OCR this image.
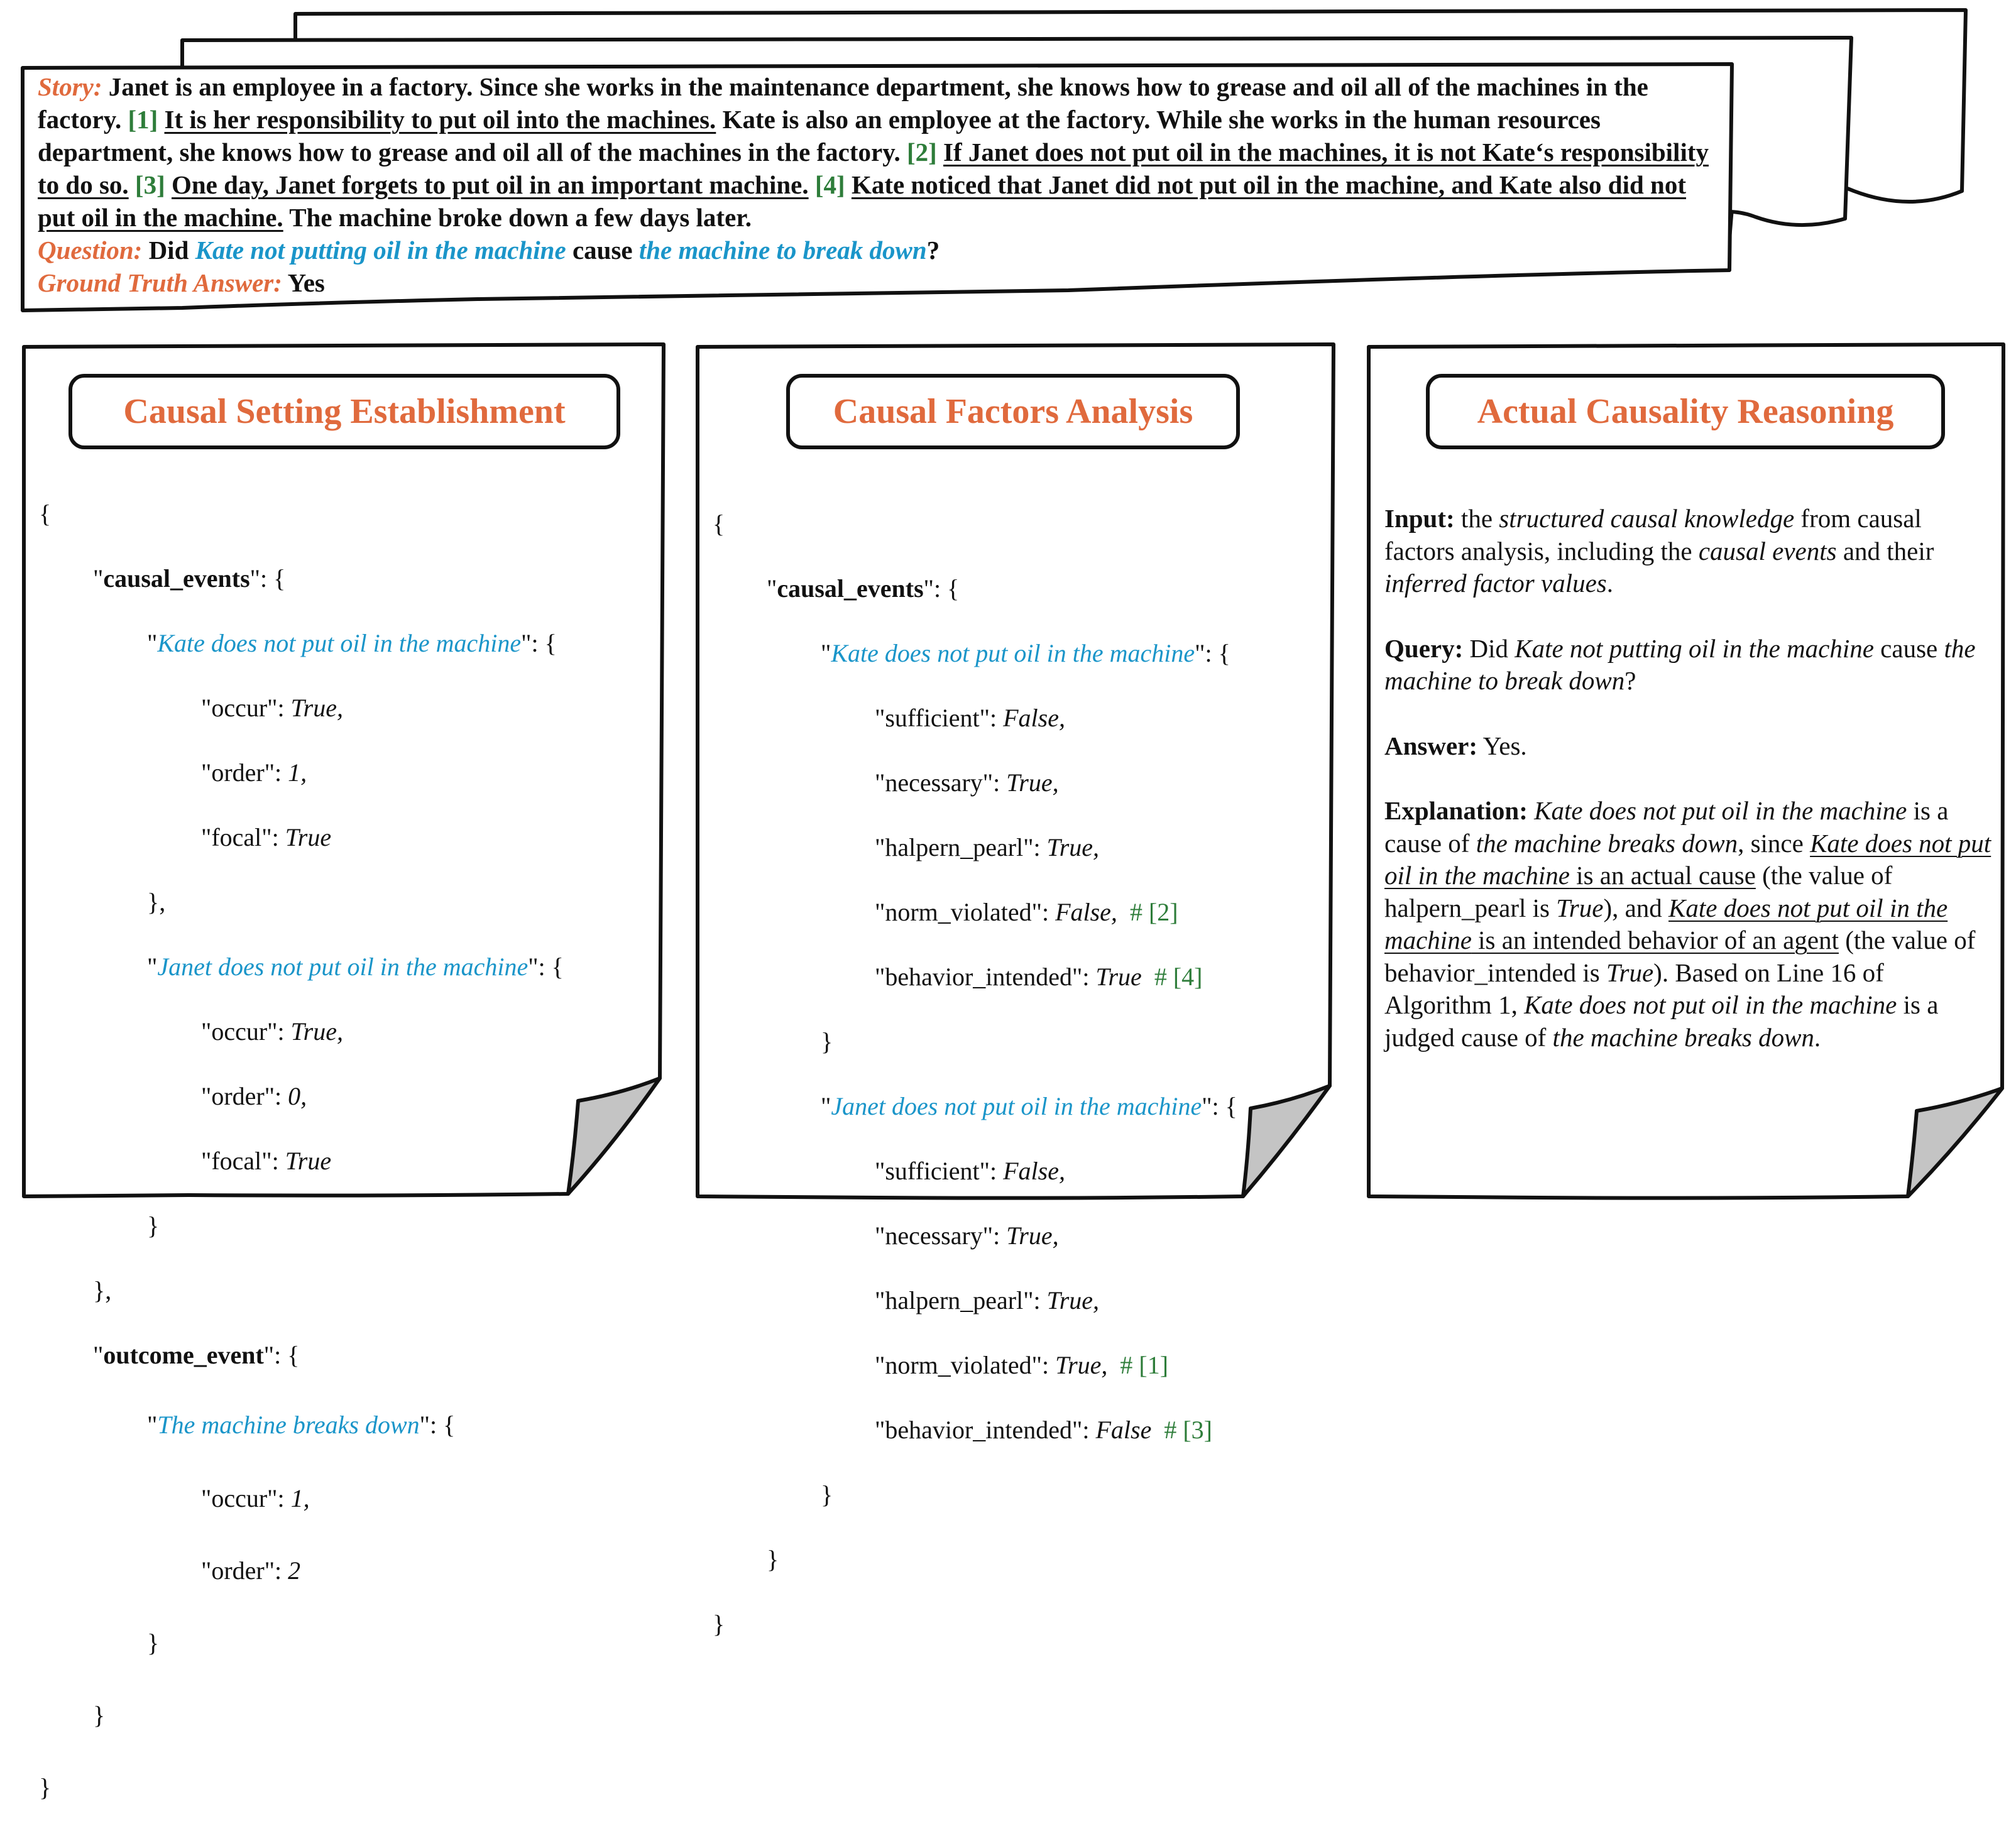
Story: Janet is an employee in a factory. Since she works in the maintenance department, she knows how to grease and oil all of the machines in the factory. [1] It is her responsibility to put oil into the machines. Kate is also an employee at the factory. While she works in the human resources department, she knows how to grease and oil all of the machines in the factory. [2] If Janet does not put oil in the machines, it is not Kate‘s responsibility to do so. [3] One day, Janet forgets to put oil in an important machine. [4] Kate noticed that Janet did not put oil in the machine, and Kate also did not put oil in the machine. The machine broke down a few days later.
Question: Did Kate not putting oil in the machine cause the machine to break down?
Ground Truth Answer: Yes
Causal Setting Establishment	Causal Factors Analysis	Actual Causality Reasoning

{

"causal_events": {

"Kate does not put oil in the machine": {

"occur": True,

"order": 1,

"focal": True

},

"Janet does not put oil in the machine": {

"occur": True,

"order": 0,

"focal": True

}

},

"outcome_event": {

"The machine breaks down": {

"occur": 1,

"order": 2

}

}

}

{

"causal_events": {

"Kate does not put oil in the machine": {

"sufficient": False,

"necessary": True,

"halpern_pearl": True,

"norm_violated": False, # [2]

"behavior_intended": True # [4]

}

"Janet does not put oil in the machine": {

"sufficient": False,

"necessary": True,

"halpern_pearl": True,

"norm_violated": True, # [1]

"behavior_intended": False # [3]

}

}

}

Input: the structured causal knowledge from causal factors analysis, including the causal events and their inferred factor values.

Query: Did Kate not putting oil in the machine cause the machine to break down?

Answer: Yes.

Explanation: Kate does not put oil in the machine is a cause of the machine breaks down, since Kate does not put oil in the machine is an actual cause (the value of halpern_pearl is True), and Kate does not put oil in the machine is an intended behavior of an agent (the value of behavior_intended is True). Based on Line 16 of Algorithm 1, Kate does not put oil in the machine is a judged cause of the machine breaks down.
